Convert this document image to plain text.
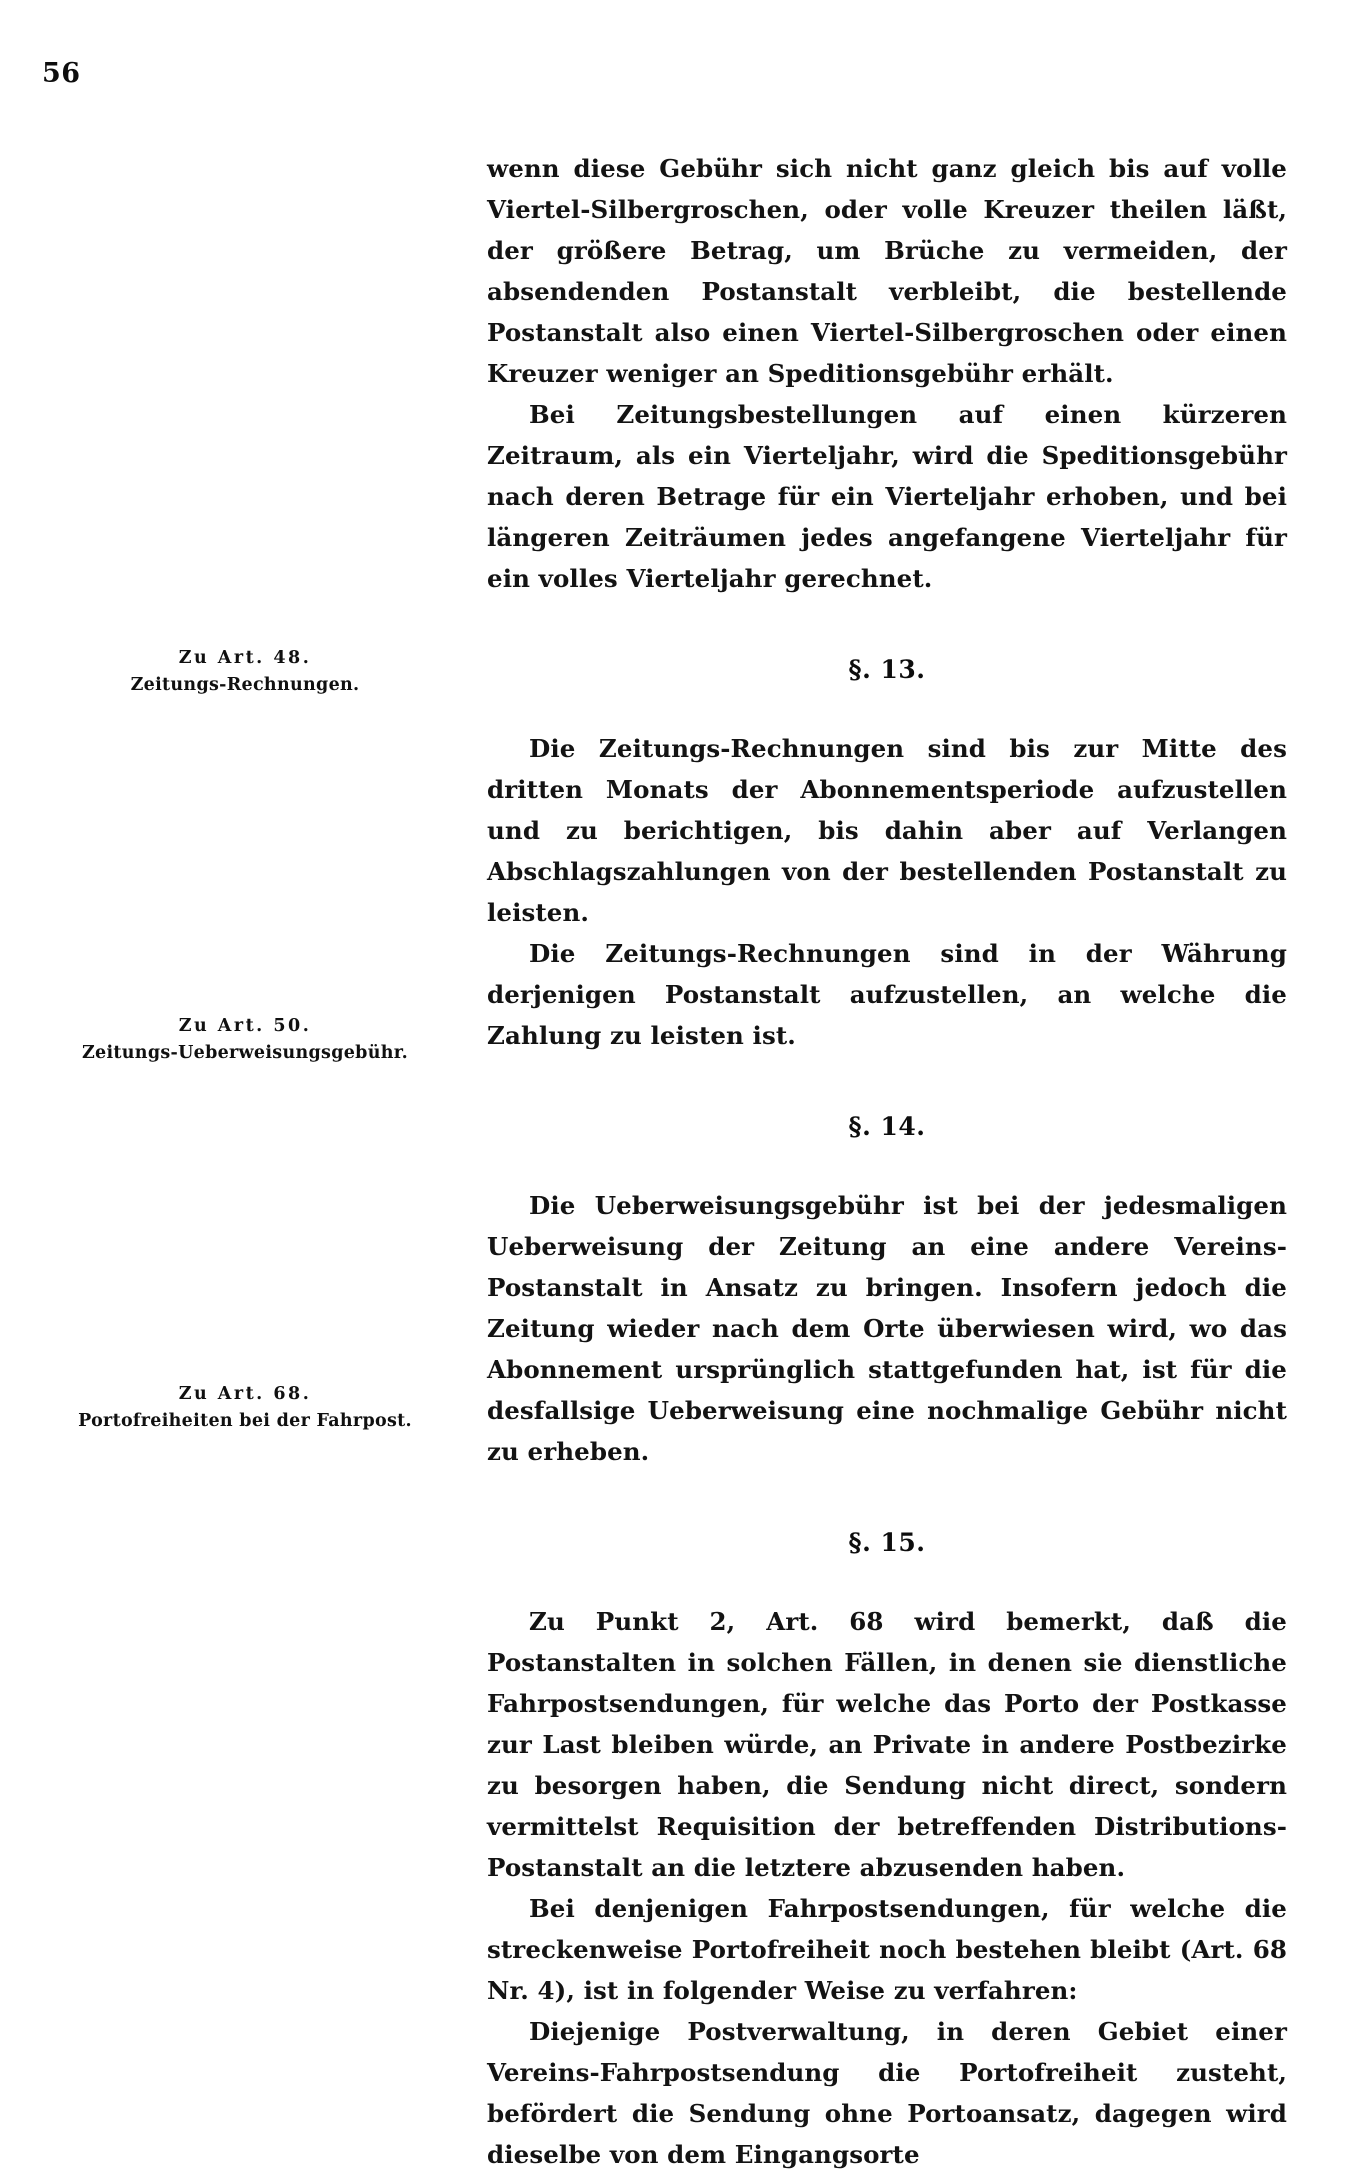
56
Zu Art. 48.
Zeitungs-Rechnungen.
Zu Art. 50.
Zeitungs-Ueberweisungsgebühr.
Zu Art. 68.
Portofreiheiten bei der Fahrpost.

wenn diese Gebühr sich nicht ganz gleich bis auf volle Viertel-Silbergroschen, oder volle Kreuzer theilen läßt, der größere Betrag, um Brüche zu vermeiden, der absendenden Postanstalt verbleibt, die bestellende Postanstalt also einen Viertel-Silbergroschen oder einen Kreuzer weniger an Speditionsgebühr erhält.

Bei Zeitungsbestellungen auf einen kürzeren Zeitraum, als ein Vierteljahr, wird die Speditionsgebühr nach deren Betrage für ein Vierteljahr erhoben, und bei längeren Zeiträumen jedes angefangene Vierteljahr für ein volles Vierteljahr gerechnet.

§. 13.

Die Zeitungs-Rechnungen sind bis zur Mitte des dritten Monats der Abonnementsperiode aufzustellen und zu berichtigen, bis dahin aber auf Verlangen Abschlagszahlungen von der bestellenden Postanstalt zu leisten.

Die Zeitungs-Rechnungen sind in der Währung derjenigen Postanstalt aufzustellen, an welche die Zahlung zu leisten ist.

§. 14.

Die Ueberweisungsgebühr ist bei der jedesmaligen Ueberweisung der Zeitung an eine andere Vereins-Postanstalt in Ansatz zu bringen. Insofern jedoch die Zeitung wieder nach dem Orte überwiesen wird, wo das Abonnement ursprünglich stattgefunden hat, ist für die desfallsige Ueberweisung eine nochmalige Gebühr nicht zu erheben.

§. 15.

Zu Punkt 2, Art. 68 wird bemerkt, daß die Postanstalten in solchen Fällen, in denen sie dienstliche Fahrpostsendungen, für welche das Porto der Postkasse zur Last bleiben würde, an Private in andere Postbezirke zu besorgen haben, die Sendung nicht direct, sondern vermittelst Requisition der betreffenden Distributions-Postanstalt an die letztere abzusenden haben.

Bei denjenigen Fahrpostsendungen, für welche die streckenweise Portofreiheit noch bestehen bleibt (Art. 68 Nr. 4), ist in folgender Weise zu verfahren:

Diejenige Postverwaltung, in deren Gebiet einer Vereins-Fahrpostsendung die Portofreiheit zusteht, befördert die Sendung ohne Portoansatz, dagegen wird dieselbe von dem Eingangsorte
